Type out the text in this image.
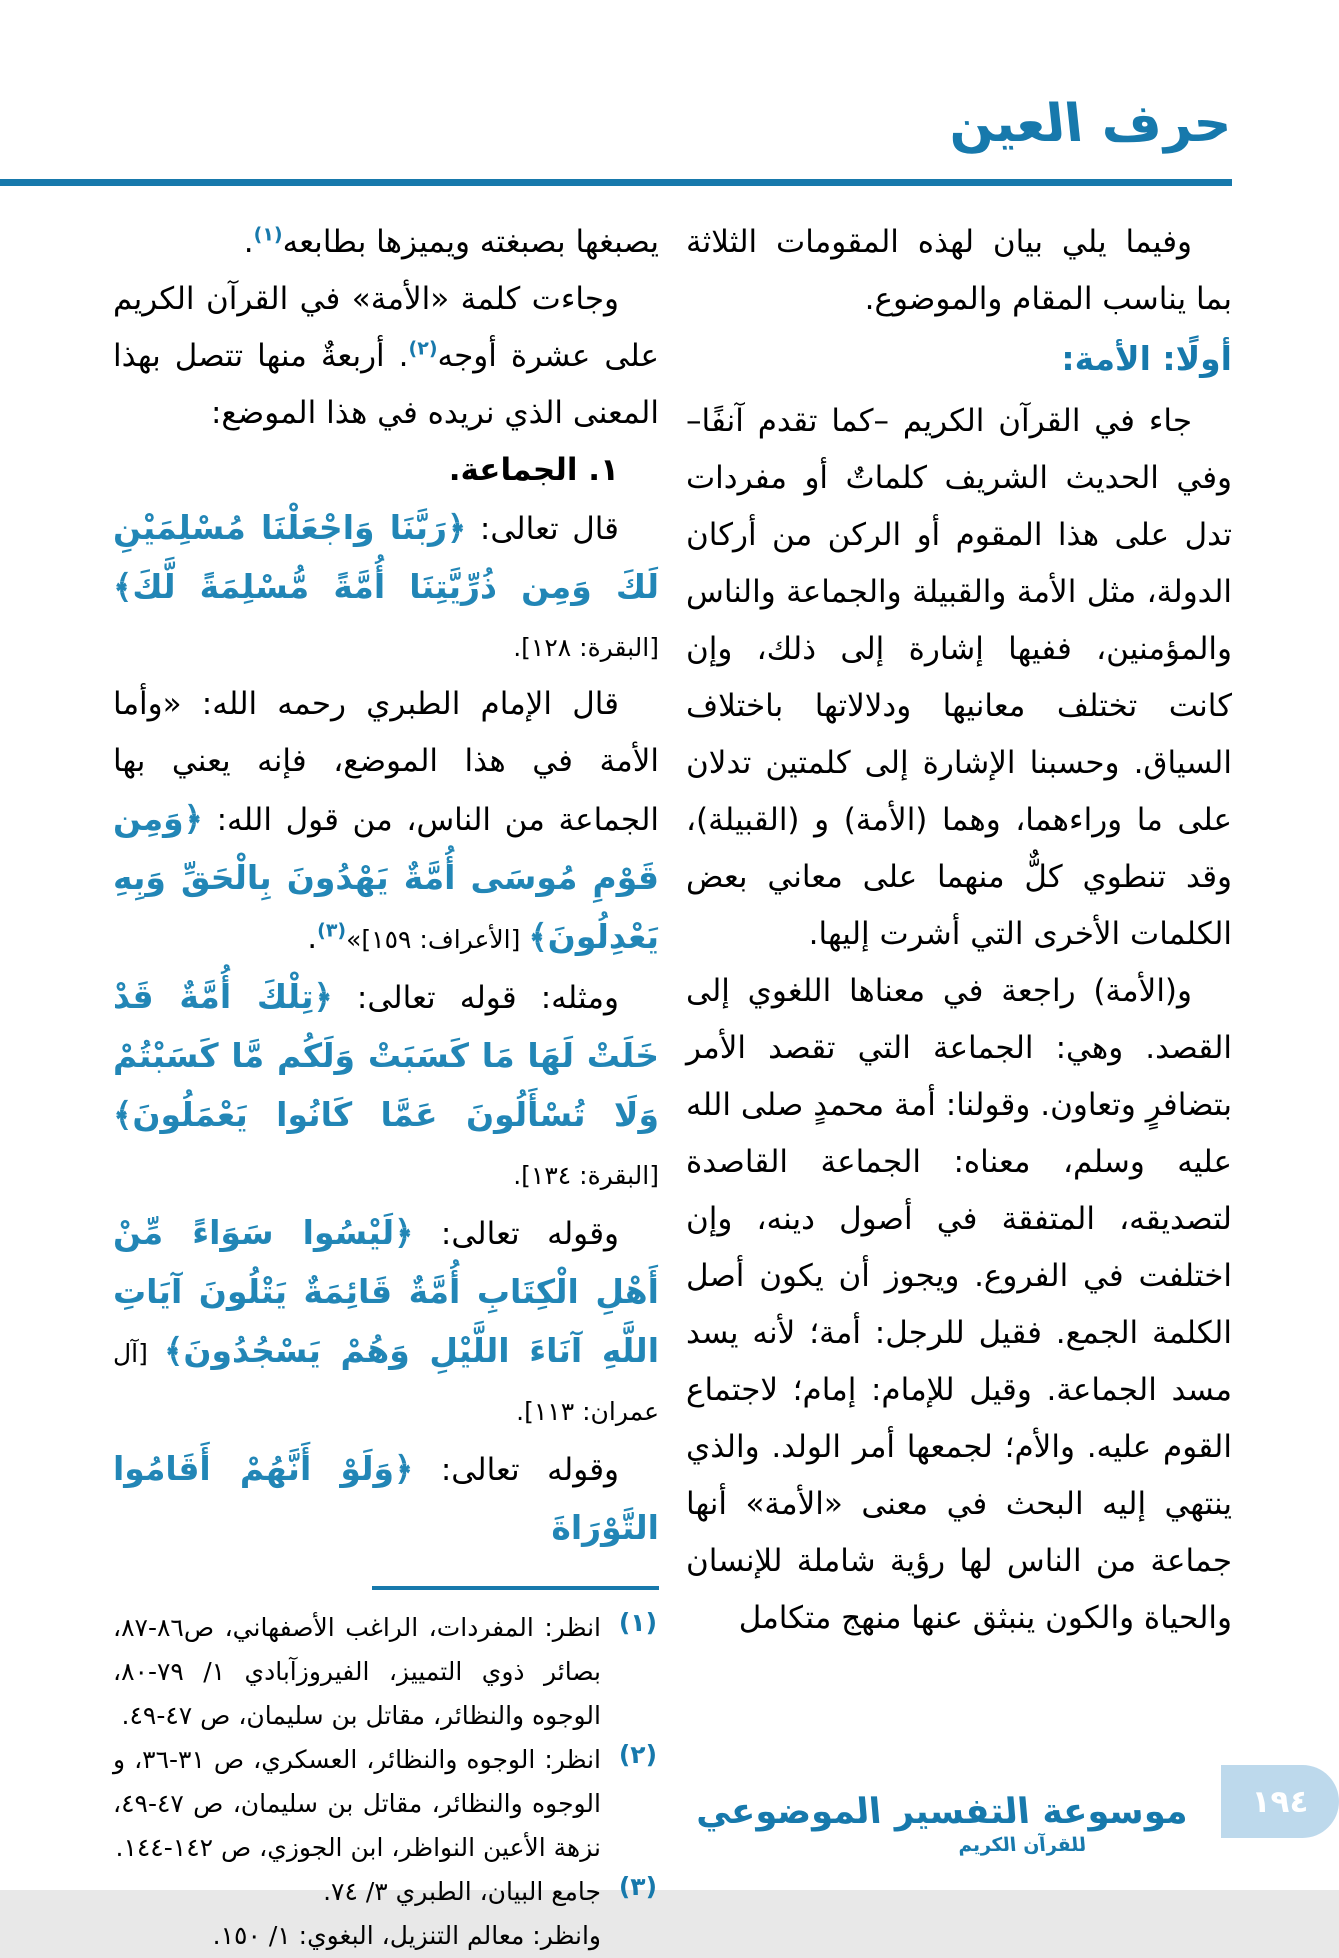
حرف العين

وفيما يلي بيان لهذه المقومات الثلاثة بما يناسب المقام والموضوع.

أولًا: الأمة:

جاء في القرآن الكريم –كما تقدم آنفًا– وفي الحديث الشريف كلماتٌ أو مفردات تدل على هذا المقوم أو الركن من أركان الدولة، مثل الأمة والقبيلة والجماعة والناس والمؤمنين، ففيها إشارة إلى ذلك، وإن كانت تختلف معانيها ودلالاتها باختلاف السياق. وحسبنا الإشارة إلى كلمتين تدلان على ما وراءهما، وهما (الأمة) و (القبيلة)، وقد تنطوي كلٌّ منهما على معاني بعض الكلمات الأخرى التي أشرت إليها.

و(الأمة) راجعة في معناها اللغوي إلى القصد. وهي: الجماعة التي تقصد الأمر بتضافرٍ وتعاون. وقولنا: أمة محمدٍ صلى الله عليه وسلم، معناه: الجماعة القاصدة لتصديقه، المتفقة في أصول دينه، وإن اختلفت في الفروع. ويجوز أن يكون أصل الكلمة الجمع. فقيل للرجل: أمة؛ لأنه يسد مسد الجماعة. وقيل للإمام: إمام؛ لاجتماع القوم عليه. والأم؛ لجمعها أمر الولد. والذي ينتهي إليه البحث في معنى «الأمة» أنها جماعة من الناس لها رؤية شاملة للإنسان والحياة والكون ينبثق عنها منهج متكامل

يصبغها بصبغته ويميزها بطابعه$^{(١)}$.

وجاءت كلمة «الأمة» في القرآن الكريم على عشرة أوجه$^{(٢)}$. أربعةٌ منها تتصل بهذا المعنى الذي نريده في هذا الموضع:

١. الجماعة.

قال تعالى: ﴿رَبَّنَا وَاجْعَلْنَا مُسْلِمَيْنِ لَكَ وَمِن ذُرِّيَّتِنَا أُمَّةً مُّسْلِمَةً لَّكَ﴾ [البقرة: ١٢٨].

قال الإمام الطبري رحمه الله: «وأما الأمة في هذا الموضع، فإنه يعني بها الجماعة من الناس، من قول الله: ﴿وَمِن قَوْمِ مُوسَى أُمَّةٌ يَهْدُونَ بِالْحَقِّ وَبِهِ يَعْدِلُونَ﴾ [الأعراف: ١٥٩]»$^{(٣)}$.

ومثله: قوله تعالى: ﴿تِلْكَ أُمَّةٌ قَدْ خَلَتْ لَهَا مَا كَسَبَتْ وَلَكُم مَّا كَسَبْتُمْ وَلَا تُسْأَلُونَ عَمَّا كَانُوا يَعْمَلُونَ﴾ [البقرة: ١٣٤].

وقوله تعالى: ﴿لَيْسُوا سَوَاءً مِّنْ أَهْلِ الْكِتَابِ أُمَّةٌ قَائِمَةٌ يَتْلُونَ آيَاتِ اللَّهِ آنَاءَ اللَّيْلِ وَهُمْ يَسْجُدُونَ﴾ [آل عمران: ١١٣].

وقوله تعالى: ﴿وَلَوْ أَنَّهُمْ أَقَامُوا التَّوْرَاةَ

(١)
انظر: المفردات، الراغب الأصفهاني، ص٨٦-٨٧، بصائر ذوي التمييز، الفيروزآبادي ١/ ٧٩-٨٠، الوجوه والنظائر، مقاتل بن سليمان، ص ٤٧-٤٩.
(٢)
انظر: الوجوه والنظائر، العسكري، ص ٣١-٣٦، و الوجوه والنظائر، مقاتل بن سليمان، ص ٤٧-٤٩، نزهة الأعين النواظر، ابن الجوزي، ص ١٤٢-١٤٤.
(٣)
جامع البيان، الطبري ٣/ ٧٤.
وانظر: معالم التنزيل، البغوي: ١/ ١٥٠.
موسوعة التفسير الموضوعي
للقرآن الكريم
١٩٤
